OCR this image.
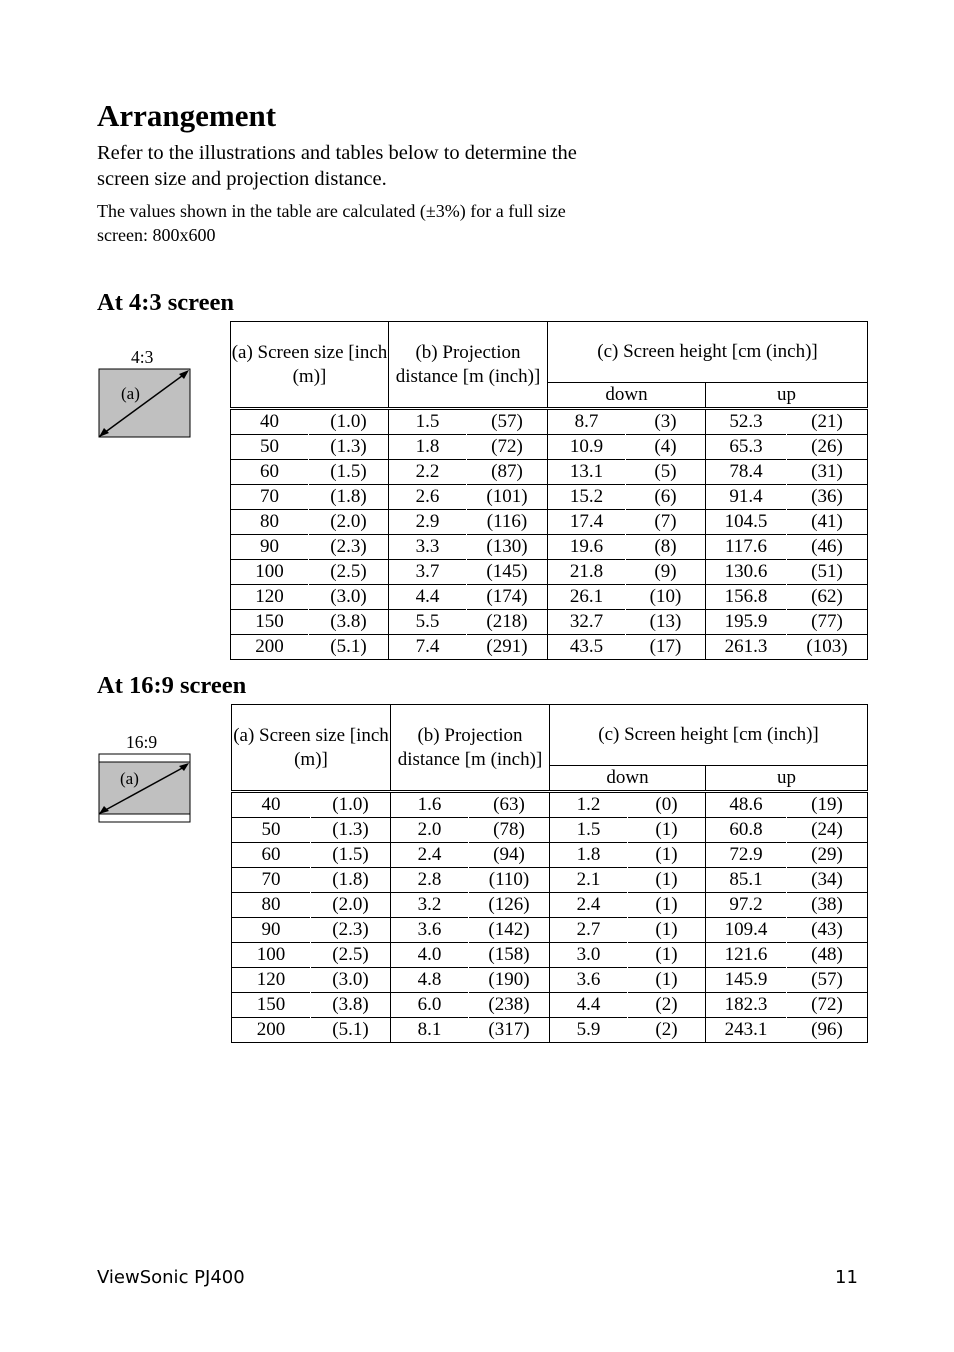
Arrangement

Refer to the illustrations and tables below to determine the screen size and projection distance.

The values shown in the table are calculated (±3%) for a full size screen: 800x600

At 4:3 screen
4:3
(a)
(a) Screen size [inch (m)]		(b) Projection distance [m (inch)]		(c) Screen height [cm (inch)]			
				down		up	
40	(1.0)	1.5	(57)	8.7	(3)	52.3	(21)
50	(1.3)	1.8	(72)	10.9	(4)	65.3	(26)
60	(1.5)	2.2	(87)	13.1	(5)	78.4	(31)
70	(1.8)	2.6	(101)	15.2	(6)	91.4	(36)
80	(2.0)	2.9	(116)	17.4	(7)	104.5	(41)
90	(2.3)	3.3	(130)	19.6	(8)	117.6	(46)
100	(2.5)	3.7	(145)	21.8	(9)	130.6	(51)
120	(3.0)	4.4	(174)	26.1	(10)	156.8	(62)
150	(3.8)	5.5	(218)	32.7	(13)	195.9	(77)
200	(5.1)	7.4	(291)	43.5	(17)	261.3	(103)
At 16:9 screen
16:9
(a)
(a) Screen size [inch (m)]		(b) Projection distance [m (inch)]		(c) Screen height [cm (inch)]			
				down		up	
40	(1.0)	1.6	(63)	1.2	(0)	48.6	(19)
50	(1.3)	2.0	(78)	1.5	(1)	60.8	(24)
60	(1.5)	2.4	(94)	1.8	(1)	72.9	(29)
70	(1.8)	2.8	(110)	2.1	(1)	85.1	(34)
80	(2.0)	3.2	(126)	2.4	(1)	97.2	(38)
90	(2.3)	3.6	(142)	2.7	(1)	109.4	(43)
100	(2.5)	4.0	(158)	3.0	(1)	121.6	(48)
120	(3.0)	4.8	(190)	3.6	(1)	145.9	(57)
150	(3.8)	6.0	(238)	4.4	(2)	182.3	(72)
200	(5.1)	8.1	(317)	5.9	(2)	243.1	(96)
ViewSonic PJ400	11
